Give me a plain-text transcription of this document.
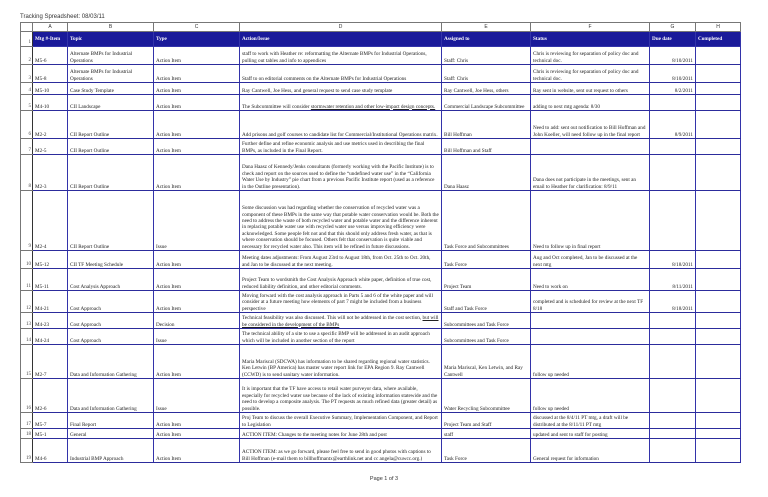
Tracking Spreadsheet: 08/03/11
	A	B	C	D	E	F	G	H
1	Mtg #-Item	Topic	Type	Action/Issue	Assigned to	Status	Due date	Completed
2	M5-6	Alternate BMPs for Industrial Operations	Action Item	staff to work with Heather re: reformatting the Alternate BMPs for Industrial Operations, pulling out tables and info to appendices	Staff: Chris	Chris is reviewing for separation of policy doc and technical doc.	8/10/2011	
3	M5-8	Alternate BMPs for Industrial Operations	Action Item	Staff to on editorial comments on the Alternate BMPs for Industrial Operations	Staff: Chris	Chris is reviewing for separation of policy doc and technical doc.	8/10/2011	
4	M5-10	Case Study Template	Action Item	Ray Cantwell, Joe Hess, and general request to send case study template	Ray Cantwell, Joe Hess, others	Ray sent in website, sent out request to others	8/2/2011	
5	M4-10	CII Landscape	Action Item	The Subcommittee will consider stormwater retention and other low-impact design concepts.	Commercial Landscape Subcommittee	adding to next mtg agenda: 8/30		
6	M2-2	CII Report Outline	Action Item	Add prisons and golf courses to candidate list for Commercial/Institutional Operations matrix.	Bill Hoffman	Need to add: sent out notification to Bill Hoffman and John Koeller, will need follow up in the final report	8/9/2011	
7	M2-5	CII Report Outline	Action Item	Further define and refine economic analysis and use metrics used in describing the final BMPs, as included in the Final Report.	Bill Hoffman and Staff			
8	M2-3	CII Report Outline	Action Item	Dana Haasz of Kennedy/Jenks consultants (formerly working with the Pacific Institute) is to check and report on the sources used to define the “undefined water use” in the “California Water Use by Industry” pie chart from a previous Pacific Institute report (used as a reference in the Outline presentation).	Dana Haasz	Dana does not participate in the meetings, sent an email to Heather for clarification: 8/9/11		
9	M2-4	CII Report Outline	Issue	Some discussion was had regarding whether the conservation of recycled water was a component of these BMPs in the same way that potable water conservation would be. Both the need to address the waste of both recycled water and potable water and the difference inherent in replacing potable water use with recycled water use versus improving efficiency were acknowledged. Some people felt not and that this should only address fresh water, as that is where conservation should be focused. Others felt that conservation is quite viable and necessary for recycled water also. This item will be refined in future discussions.	Task Force and Subcommittees	Need to follow up in final report		
10	M5-12	CII TF Meeting Schedule	Action Item	Meeting dates adjustments: From August 23rd to August 18th, from Oct. 25th to Oct. 20th, and Jan to be discussed at the next meeting.	Task Force	Aug and Oct completed, Jan to be discussed at the next mtg	8/18/2011	
11	M5-11	Cost Analysis Approach	Action Item	Project Team to wordsmith the Cost Analysis Approach white paper, definition of true cost, reduced liability definition, and other editorial comments.	Project Team	Need to work on	8/11/2011	
12	M4-21	Cost Approach	Action Item	Moving forward with the cost analysis approach in Parts 5 and 6 of the white paper and will consider at a future meeting how elements of part 7 might be included from a business perspective	Staff and Task Force	completed and is scheduled for review at the next TF 8/18	8/18/2011	
13	M4-23	Cost Approach	Decision	Technical feasibility was also discussed. This will not be addressed in the cost section, but will be considered in the development of the BMPs	Subcommittees and Task Force			
14	M4-24	Cost Approach	Issue	The technical ability of a site to use a specific BMP will be addressed in an audit approach which will be included in another section of the report	Subcommittees and Task Force			
15	M2-7	Data and Information Gathering	Action Item	Maria Mariscal (SDCWA) has information to be shared regarding regional water statistics. Ken Letwin (BP America) has master water report link for EPA Region 9. Ray Cantwell (CCWD) is to send sanitary water information.	Maria Mariscal, Ken Letwin, and Ray Cantwell	follow up needed		
16	M2-6	Data and Information Gathering	Issue	It is important that the TF have access to retail water purveyor data, where available, especially for recycled water use because of the lack of existing information statewide and the need to develop a composite analysis. The PT requests as much refined data (greater detail) as possible.	Water Recycling Subcommittee	follow up needed		
17	M5-7	Final Report	Action Item	Proj Team to discuss the overall Executive Summary, Implementation Component, and Report to Legislation	Project Team and Staff	discussed at the 8/4/11 PT mtg, a draft will be distributed at the 8/11/11 PT mtg		
18	M5-1	General	Action Item	ACTION ITEM: Changes to the meeting notes for June 28th and post	staff	updated and sent to staff for posting		
19	M4-6	Industrial BMP Approach	Action Item	ACTION ITEM: as we go forward, please feel free to send in good photos with captions to Bill Hoffman (e-mail them to billhoffmantx@earthlink.net and cc angela@cuwcc.org.)	Task Force	General request for information		
Page 1 of 3
